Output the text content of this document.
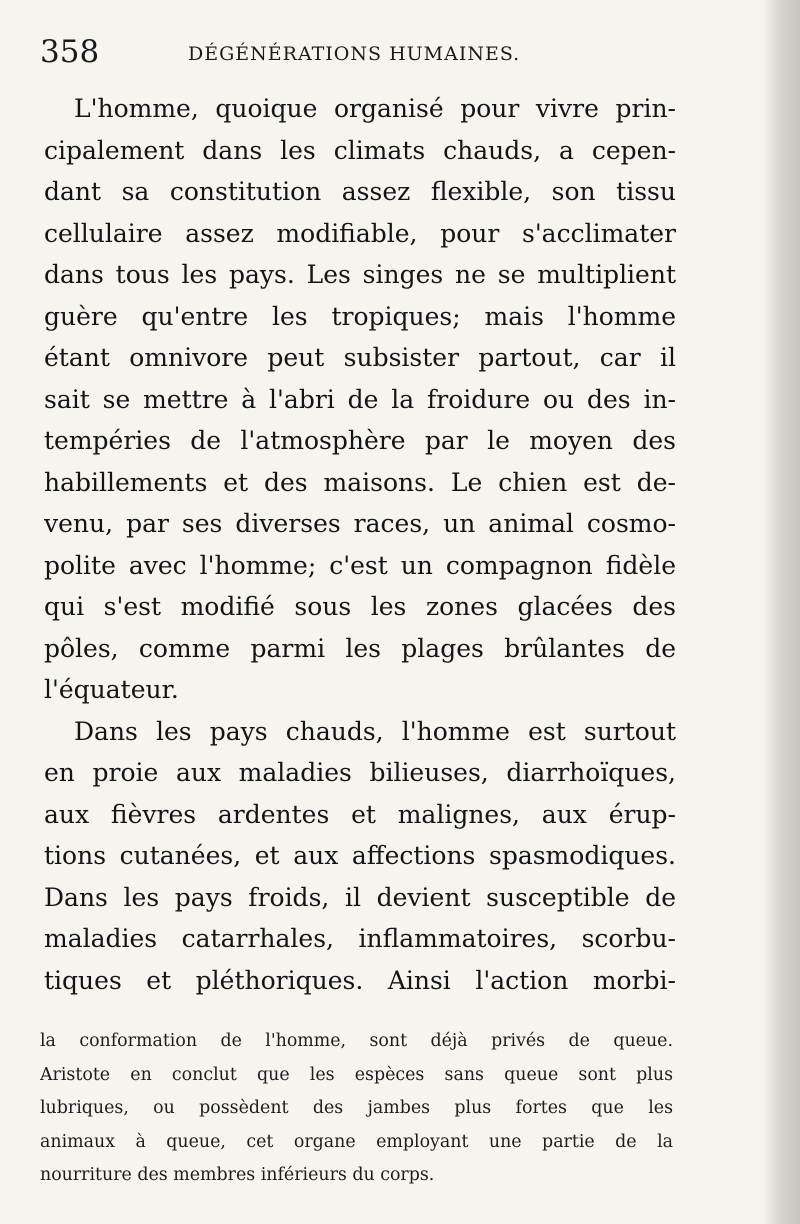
358	DÉGÉNÉRATIONS HUMAINES.
L'homme, quoique organisé pour vivre prin-
cipalement dans les climats chauds, a cepen-
dant sa constitution assez flexible, son tissu
cellulaire assez modifiable, pour s'acclimater
dans tous les pays. Les singes ne se multiplient
guère qu'entre les tropiques; mais l'homme
étant omnivore peut subsister partout, car il
sait se mettre à l'abri de la froidure ou des in-
tempéries de l'atmosphère par le moyen des
habillements et des maisons. Le chien est de-
venu, par ses diverses races, un animal cosmo-
polite avec l'homme; c'est un compagnon fidèle
qui s'est modifié sous les zones glacées des
pôles, comme parmi les plages brûlantes de
l'équateur.
Dans les pays chauds, l'homme est surtout
en proie aux maladies bilieuses, diarrhoïques,
aux fièvres ardentes et malignes, aux érup-
tions cutanées, et aux affections spasmodiques.
Dans les pays froids, il devient susceptible de
maladies catarrhales, inflammatoires, scorbu-
tiques et pléthoriques. Ainsi l'action morbi-
la conformation de l'homme, sont déjà privés de queue.
Aristote en conclut que les espèces sans queue sont plus
lubriques, ou possèdent des jambes plus fortes que les
animaux à queue, cet organe employant une partie de la
nourriture des membres inférieurs du corps.
